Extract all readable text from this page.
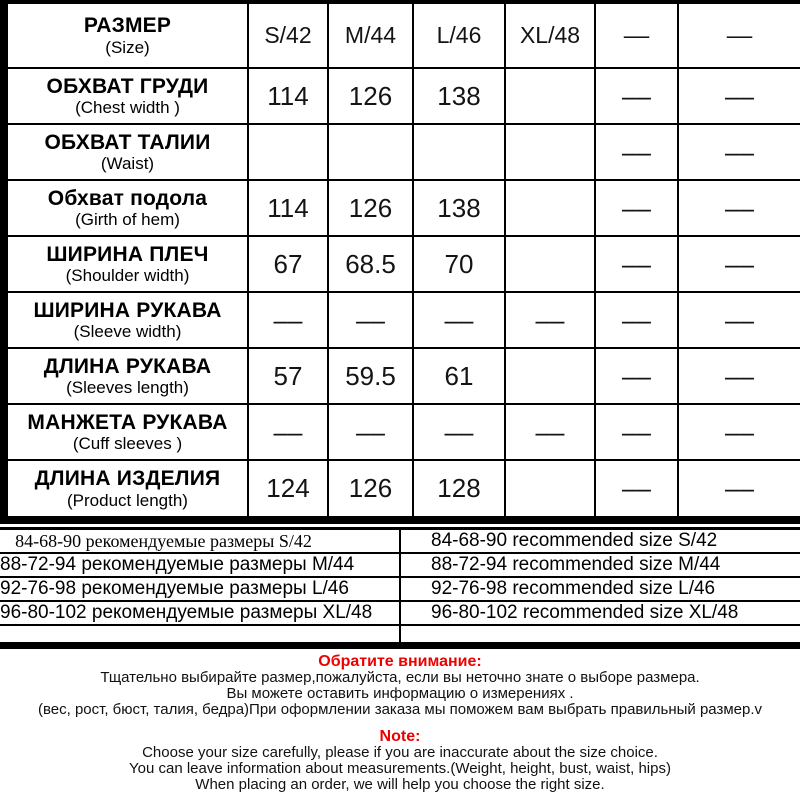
РАЗМЕР
(Size)	S/42	M/44	L/46	XL/48	––	––

ОБХВАТ ГРУДИ
(Chest width )	114	126	138		––	––

ОБХВАТ ТАЛИИ
(Waist)					––	––

Обхват подола
(Girth of hem)	114	126	138		––	––

ШИРИНА ПЛЕЧ
(Shoulder width)	67	68.5	70		––	––

ШИРИНА РУКАВА
(Sleeve width)	––	––	––	––	––	––

ДЛИНА РУКАВА
(Sleeves length)	57	59.5	61		––	––

МАНЖЕТА РУКАВА
(Cuff sleeves )	––	––	––	––	––	––

ДЛИНА ИЗДЕЛИЯ
(Product length)	124	126	128		––	––
84-68-90 рекомендуемые размеры S/42	84-68-90 recommended size S/42
88-72-94 рекомендуемые размеры M/44	88-72-94 recommended size M/44
92-76-98 рекомендуемые размеры L/46	92-76-98 recommended size L/46
96-80-102 рекомендуемые размеры XL/48	96-80-102 recommended size XL/48

Обратите внимание:
Тщательно выбирайте размер,пожалуйста, если вы неточно знате о выборе размера.
Вы можете оставить информацию о измерениях .
(вес, рост, бюст, талия, бедра)При оформлении заказа мы поможем вам выбрать правильный размер.v
Note:
Choose your size carefully, please if you are inaccurate about the size choice.
You can leave information about measurements.(Weight, height, bust, waist, hips)
When placing an order, we will help you choose the right size.
